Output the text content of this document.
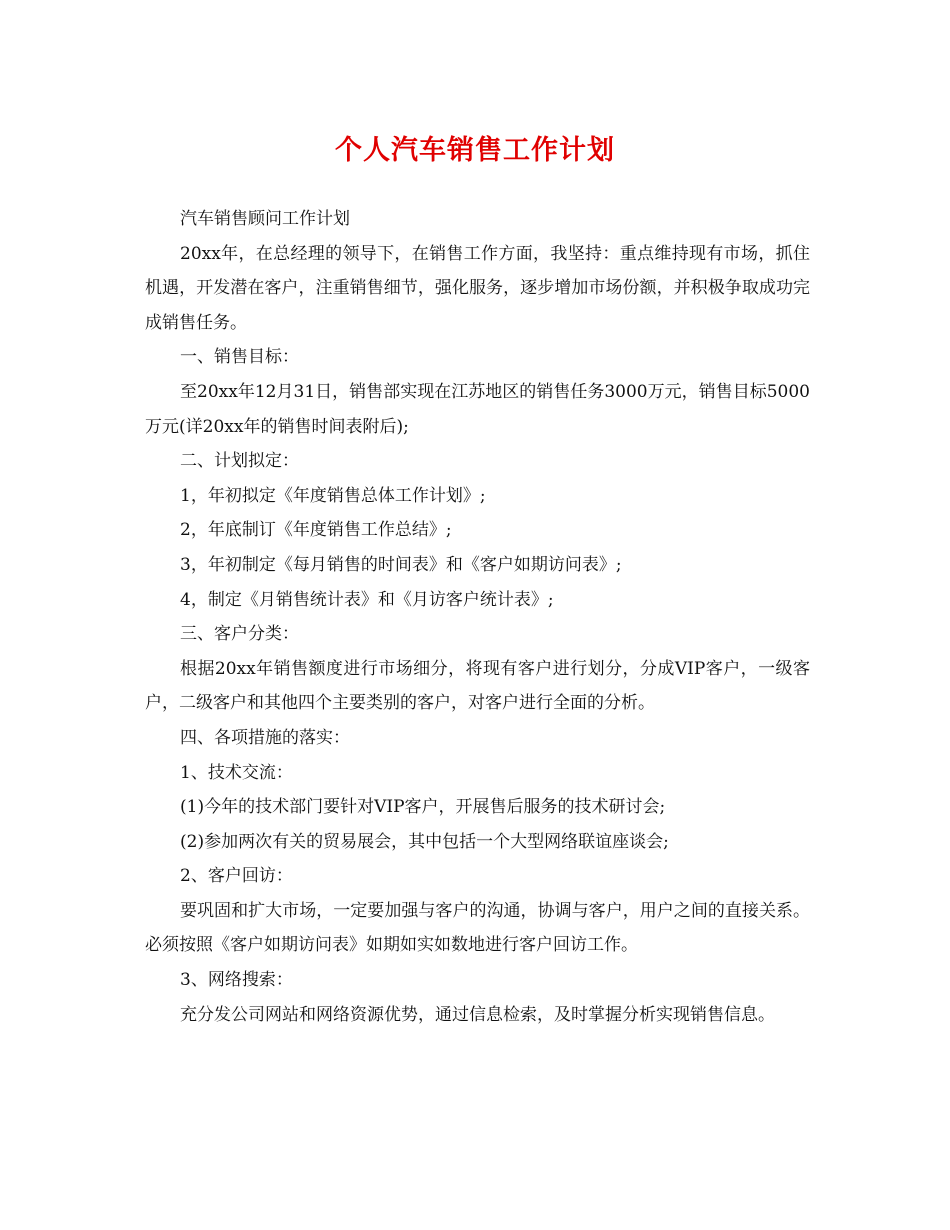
个人汽车销售工作计划

汽车销售顾问工作计划

20xx年，在总经理的领导下，在销售工作方面，我坚持：重点维持现有市场，抓住机遇，开发潜在客户，注重销售细节，强化服务，逐步增加市场份额，并积极争取成功完成销售任务。

一、销售目标：

至20xx年12月31日，销售部实现在江苏地区的销售任务3000万元，销售目标5000万元(详20xx年的销售时间表附后);

二、计划拟定：

1，年初拟定《年度销售总体工作计划》;

2，年底制订《年度销售工作总结》;

3，年初制定《每月销售的时间表》和《客户如期访问表》;

4，制定《月销售统计表》和《月访客户统计表》;

三、客户分类：

根据20xx年销售额度进行市场细分，将现有客户进行划分，分成VIP客户，一级客户，二级客户和其他四个主要类别的客户，对客户进行全面的分析。

四、各项措施的落实：

1、技术交流：

(1)今年的技术部门要针对VIP客户，开展售后服务的技术研讨会;

(2)参加两次有关的贸易展会，其中包括一个大型网络联谊座谈会;

2、客户回访：

要巩固和扩大市场，一定要加强与客户的沟通，协调与客户，用户之间的直接关系。必须按照《客户如期访问表》如期如实如数地进行客户回访工作。

3、网络搜索：

充分发公司网站和网络资源优势，通过信息检索，及时掌握分析实现销售信息。
